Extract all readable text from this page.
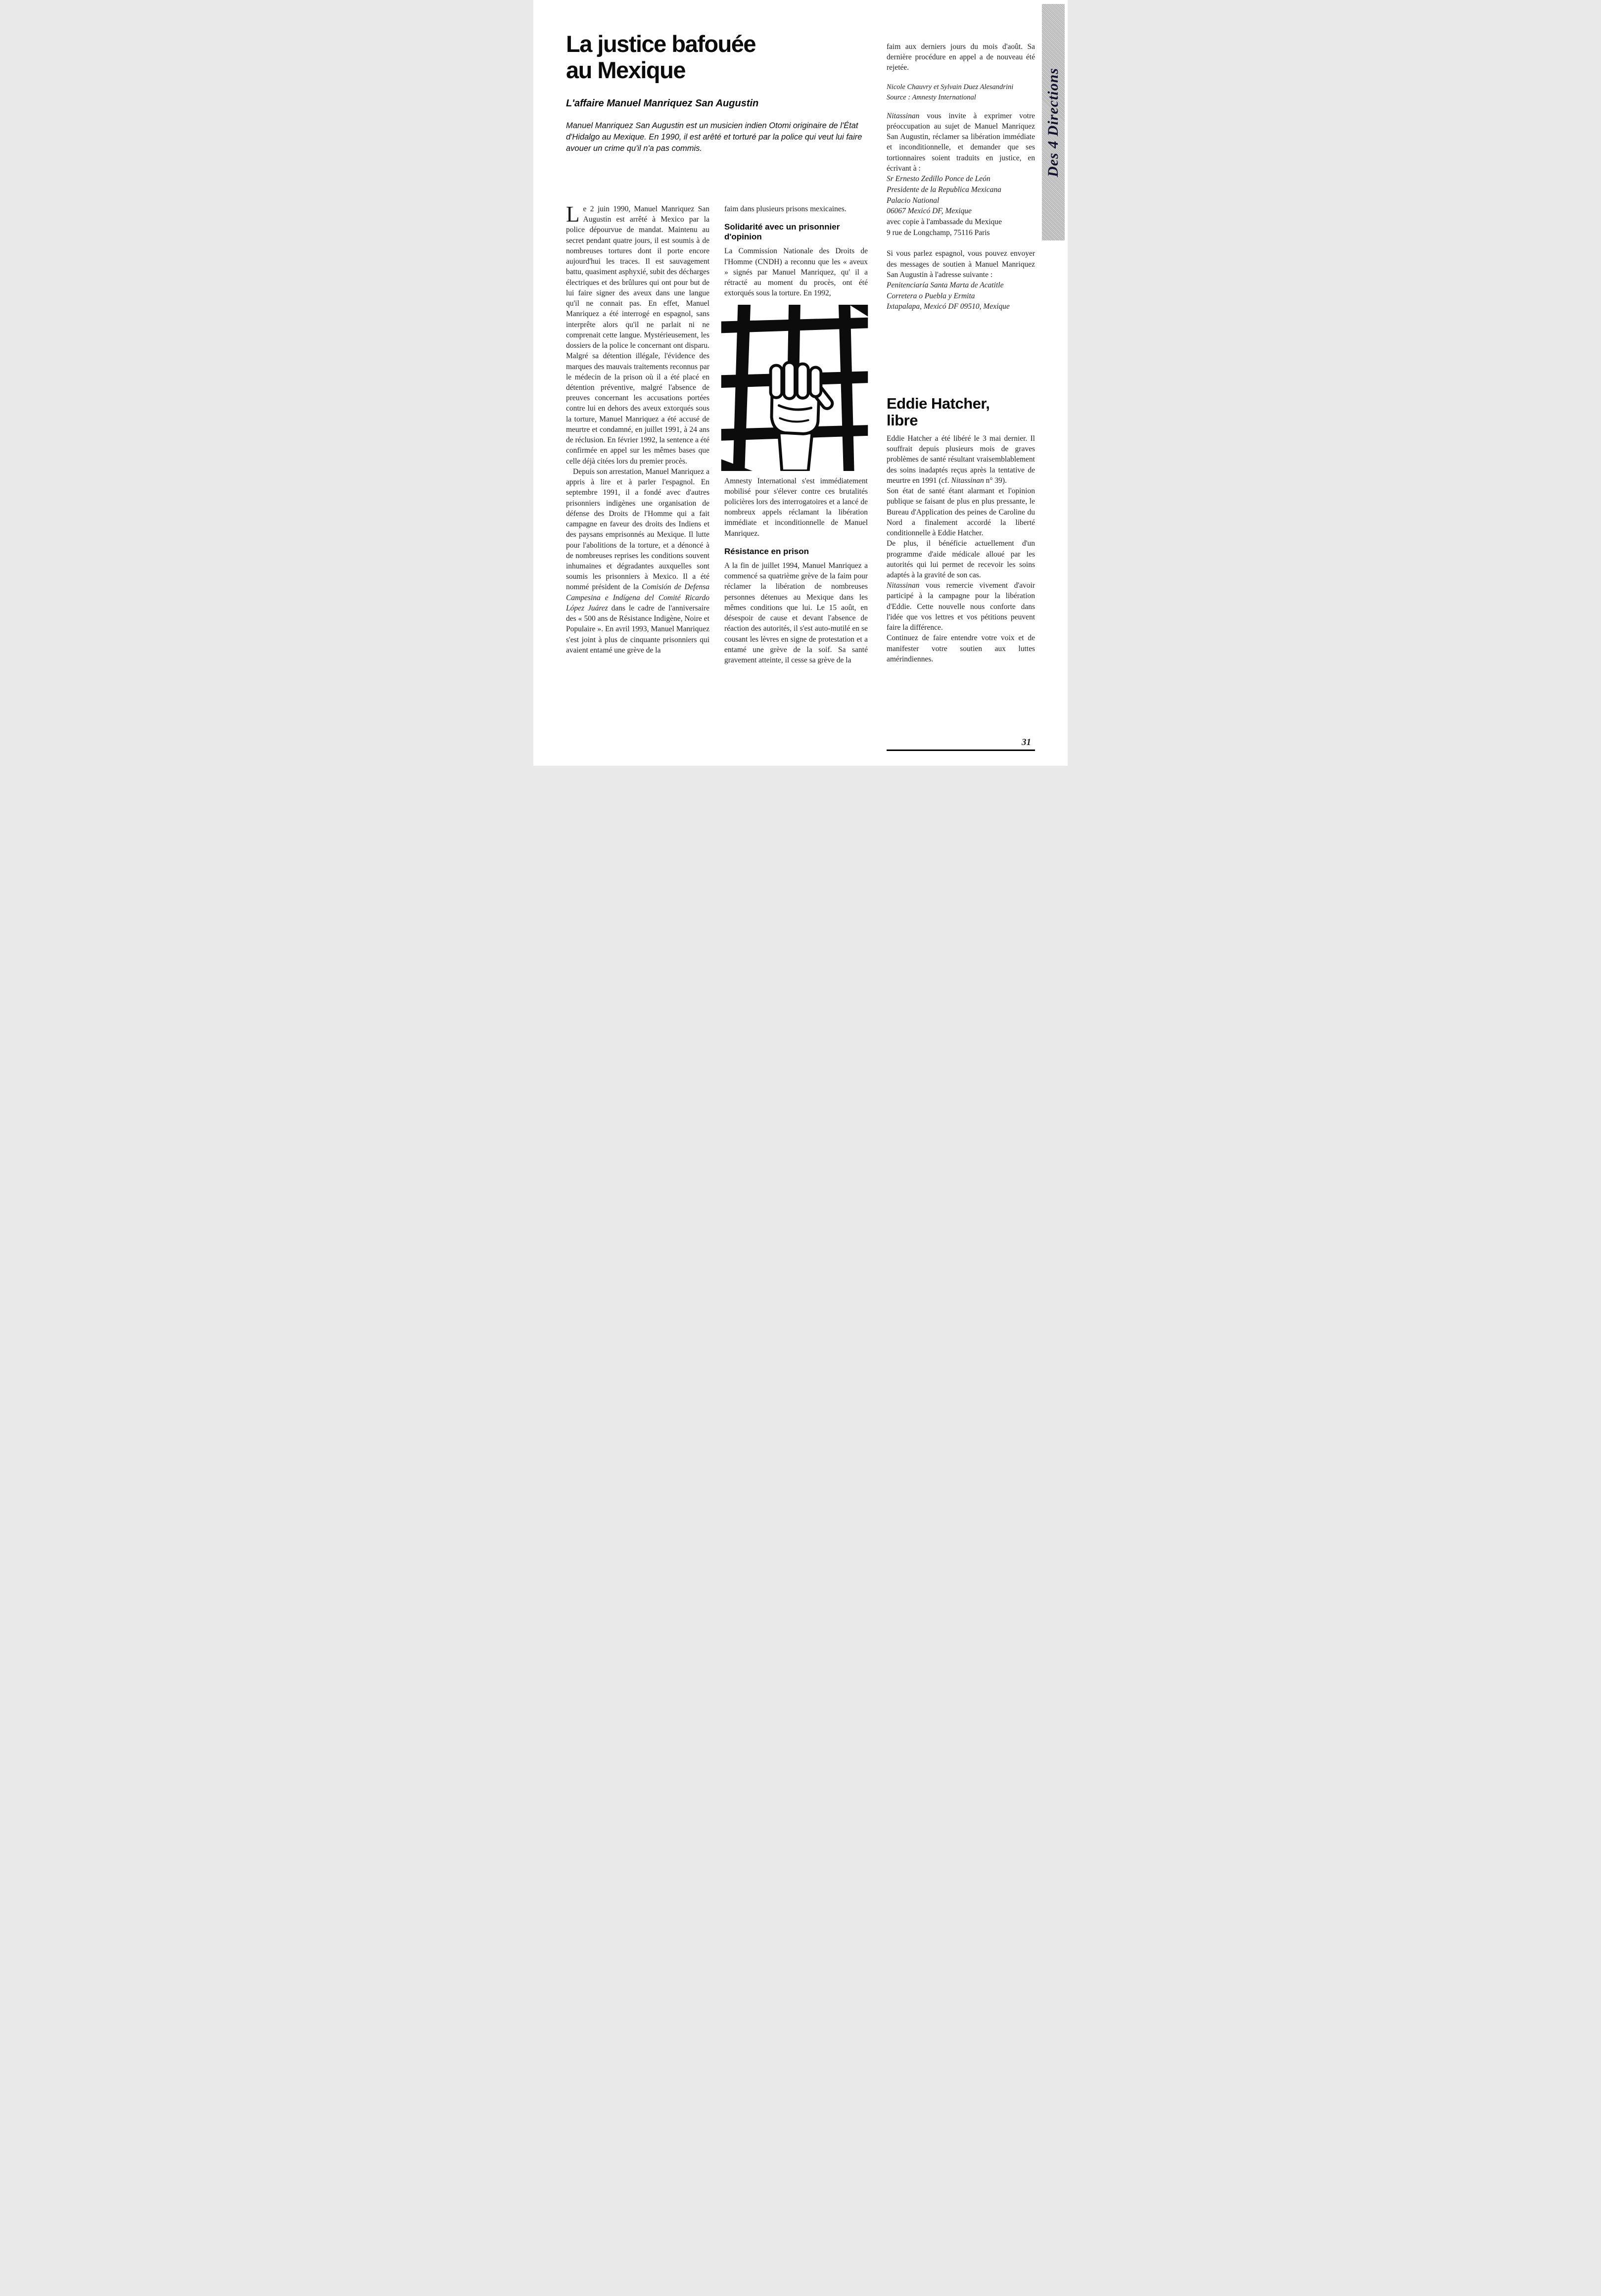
Des 4 Directions
La justice bafouée
au Mexique
L'affaire Manuel Manriquez San Augustin
Manuel Manriquez San Augustin est un musicien indien Otomi originaire de l'État d'Hidalgo au Mexique. En 1990, il est arêté et torturé par la police qui veut lui faire avouer un crime qu'il n'a pas commis.

Le 2 juin 1990, Manuel Manriquez San Augustin est arrêté à Mexico par la police dépourvue de mandat. Maintenu au secret pendant quatre jours, il est soumis à de nombreuses tortures dont il porte encore aujourd'hui les traces. Il est sauvagement battu, quasiment asphyxié, subit des décharges électriques et des brûlures qui ont pour but de lui faire signer des aveux dans une langue qu'il ne connait pas. En effet, Manuel Manriquez a été interrogé en espagnol, sans interprête alors qu'il ne parlait ni ne comprenait cette langue. Mystérieusement, les dossiers de la police le concernant ont disparu. Malgré sa détention illégale, l'évidence des marques des mauvais traitements reconnus par le médecin de la prison où il a été placé en détention préventive, malgré l'absence de preuves concernant les accusations portées contre lui en dehors des aveux extorqués sous la torture, Manuel Manriquez a été accusé de meurtre et condamné, en juillet 1991, à 24 ans de réclusion. En février 1992, la sentence a été confirmée en appel sur les mêmes bases que celle déjà citées lors du premier procès.

Depuis son arrestation, Manuel Manriquez a appris à lire et à parler l'espagnol. En septembre 1991, il a fondé avec d'autres prisonniers indigènes une organisation de défense des Droits de l'Homme qui a fait campagne en faveur des droits des Indiens et des paysans emprisonnés au Mexique. Il lutte pour l'abolitions de la torture, et a dénoncé à de nombreuses reprises les conditions souvent inhumaines et dégradantes auxquelles sont soumis les prisonniers à Mexico. Il a été nommé président de la Comisión de Defensa Campesina e Indígena del Comité Ricardo López Juárez dans le cadre de l'anniversaire des « 500 ans de Résistance Indigène, Noire et Populaire ». En avril 1993, Manuel Manriquez s'est joint à plus de cinquante prisonniers qui avaient entamé une grève de la

faim dans plusieurs prisons mexicaines.

Solidarité avec un prisonnier d'opinion

La Commission Nationale des Droits de l'Homme (CNDH) a reconnu que les « aveux » signés par Manuel Manriquez, qu' il a rétracté au moment du procès, ont été extorqués sous la torture. En 1992,

Amnesty International s'est immédiatement mobilisé pour s'élever contre ces brutalités policières lors des interrogatoires et a lancé de nombreux appels réclamant la libération immédiate et inconditionnelle de Manuel Manriquez.

Résistance en prison

A la fin de juillet 1994, Manuel Manriquez a commencé sa quatrième grève de la faim pour réclamer la libération de nombreuses personnes détenues au Mexique dans les mêmes conditions que lui. Le 15 août, en désespoir de cause et devant l'absence de réaction des autorités, il s'est auto-mutilé en se cousant les lèvres en signe de protestation et a entamé une grève de la soif. Sa santé gravement atteinte, il cesse sa grève de la

faim aux derniers jours du mois d'août. Sa dernière procédure en appel a de nouveau été rejetée.

Nicole Chauvry et Sylvain Duez Alesandrini
Source : Amnesty International

Nitassinan vous invite à exprimer votre préoccupation au sujet de Manuel Manriquez San Augustin, réclamer sa libération immédiate et inconditionnelle, et demander que ses tortionnaires soient traduits en justice, en écrivant à :

Sr Ernesto Zedillo Ponce de León
Presidente de la Republica Mexicana
Palacio National
06067 Mexicó DF, Mexique
avec copie à l'ambassade du Mexique
9 rue de Longchamp, 75116 Paris

Si vous parlez espagnol, vous pouvez envoyer des messages de soutien à Manuel Manriquez San Augustin à l'adresse suivante :

Penitenciaría Santa Marta de Acatitle
Corretera o Puebla y Ermita
Ixtapalapa, Mexicó DF 09510, Mexique
Eddie Hatcher,
libre

Eddie Hatcher a été libéré le 3 mai dernier. Il souffrait depuis plusieurs mois de graves problèmes de santé résultant vraisemblablement des soins inadaptés reçus après la tentative de meurtre en 1991 (cf. Nitassinan n° 39).

Son état de santé étant alarmant et l'opinion publique se faisant de plus en plus pressante, le Bureau d'Application des peines de Caroline du Nord a finalement accordé la liberté conditionnelle à Eddie Hatcher.

De plus, il bénéficie actuellement d'un programme d'aide médicale alloué par les autorités qui lui permet de recevoir les soins adaptés à la gravité de son cas.

Nitassinan vous remercie vivement d'avoir participé à la campagne pour la libération d'Eddie. Cette nouvelle nous conforte dans l'idée que vos lettres et vos pétitions peuvent faire la différence.

Continuez de faire entendre votre voix et de manifester votre soutien aux luttes amérindiennes.

31
